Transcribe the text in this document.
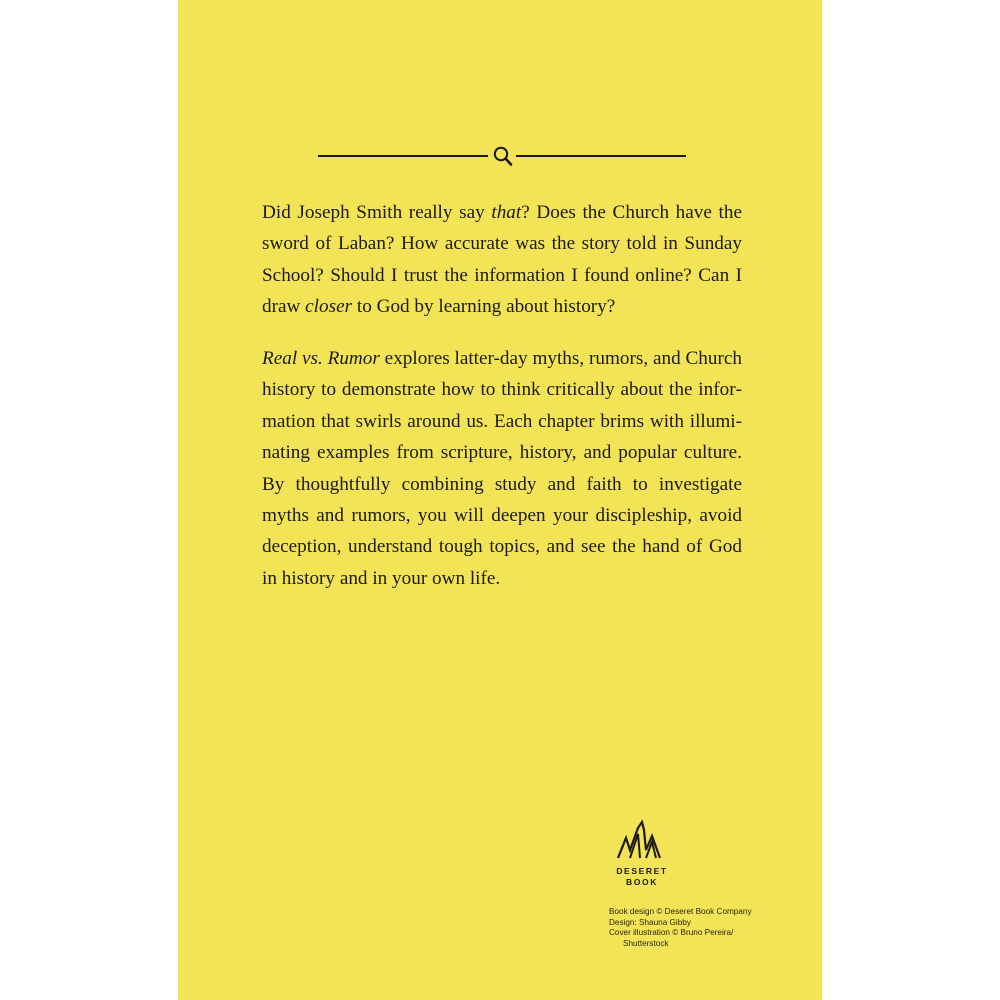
Did Joseph Smith really say that? Does the Church have the sword of Laban? How accurate was the story told in Sunday School? Should I trust the information I found online? Can I draw closer to God by learning about history?

Real vs. Rumor explores latter-day myths, rumors, and Church history to demonstrate how to think critically about the information that swirls around us. Each chapter brims with illuminating examples from scripture, history, and popular culture. By thoughtfully combining study and faith to investigate myths and rumors, you will deepen your discipleship, avoid deception, understand tough topics, and see the hand of God in history and in your own life.

DESERET
BOOK
Book design © Deseret Book Company
Design: Shauna Gibby
Cover illustration © Bruno Pereira/
Shutterstock
